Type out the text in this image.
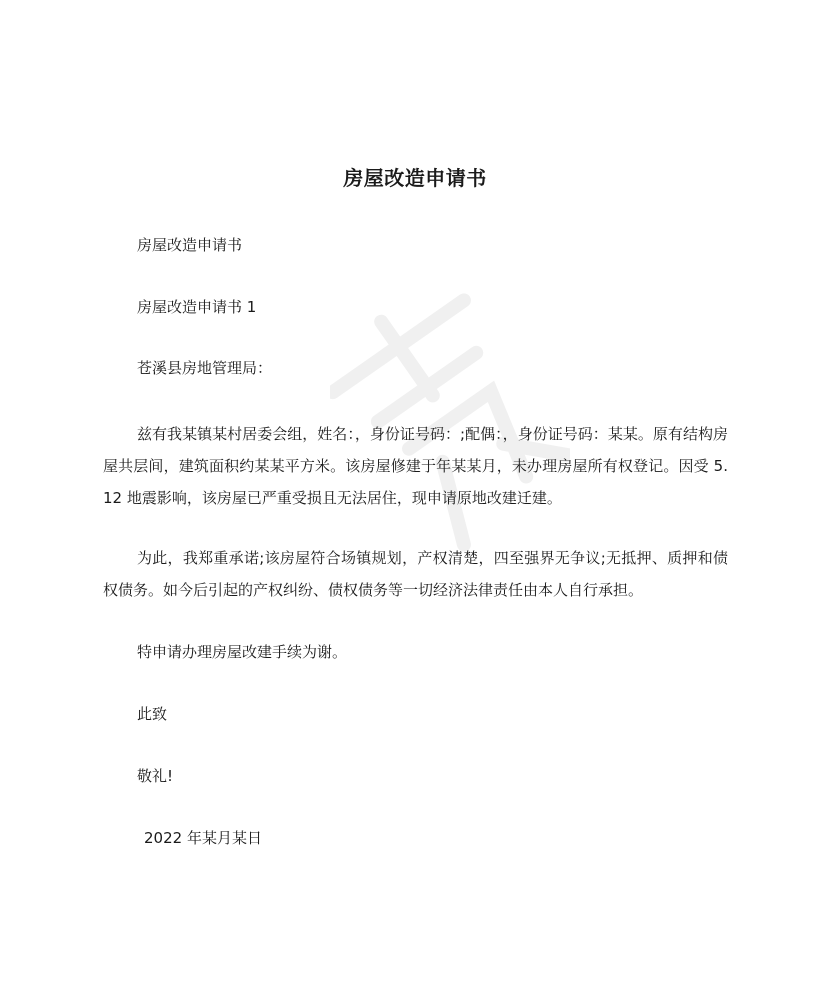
房屋改造申请书

房屋改造申请书

房屋改造申请书 1

苍溪县房地管理局：

兹有我某镇某村居委会组，姓名：，身份证号码：;配偶：，身份证号码：某某。原有结构房屋共层间，建筑面积约某某平方米。该房屋修建于年某某月，未办理房屋所有权登记。因受 5.12 地震影响，该房屋已严重受损且无法居住，现申请原地改建迁建。

为此，我郑重承诺;该房屋符合场镇规划，产权清楚，四至强界无争议;无抵押、质押和债权债务。如今后引起的产权纠纷、债权债务等一切经济法律责任由本人自行承担。

特申请办理房屋改建手续为谢。

此致

敬礼!

2022 年某月某日
